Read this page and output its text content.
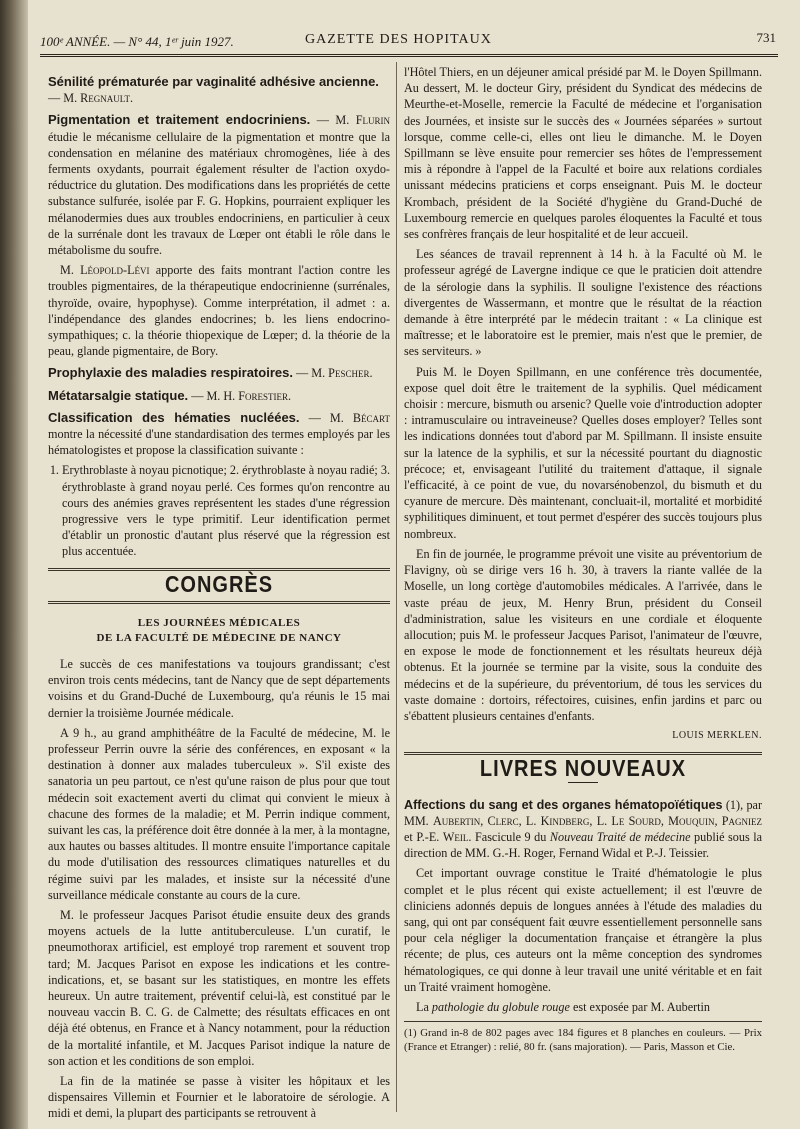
100ᵉ ANNÉE. — N° 44, 1ᵉʳ juin 1927.	GAZETTE DES HOPITAUX	731
Sénilité prématurée par vaginalité adhésive ancienne.
— M. Regnault.

Pigmentation et traitement endocriniens. — M. Flurin étudie le mécanisme cellulaire de la pigmentation et montre que la condensation en mélanine des matériaux chromogènes, liée à des ferments oxydants, pourrait également résulter de l'action oxydo-réductrice du glutation. Des modifications dans les propriétés de cette substance sulfurée, isolée par F. G. Hopkins, pourraient expliquer les mélanodermies dues aux troubles endocriniens, en particulier à ceux de la surrénale dont les travaux de Lœper ont établi le rôle dans le métabolisme du soufre.

M. Léopold-Lévi apporte des faits montrant l'action contre les troubles pigmentaires, de la thérapeutique endocrinienne (surrénales, thyroïde, ovaire, hypophyse). Comme interprétation, il admet : a. l'indépendance des glandes endocrines; b. les liens endocrino-sympathiques; c. la théorie thiopexique de Lœper; d. la théorie de la peau, glande pigmentaire, de Bory.

Prophylaxie des maladies respiratoires. — M. Pescher.
Métatarsalgie statique. — M. H. Forestier.

Classification des hématies nucléées. — M. Bécart montre la nécessité d'une standardisation des termes employés par les hématologistes et propose la classification suivante :

1. Erythroblaste à noyau picnotique; 2. érythroblaste à noyau radié; 3. érythroblaste à grand noyau perlé. Ces formes qu'on rencontre au cours des anémies graves représentent les stades d'une régression progressive vers le type primitif. Leur identification permet d'établir un pronostic d'autant plus réservé que la régression est plus accentuée.
CONGRÈS
LES JOURNÉES MÉDICALES
DE LA FACULTÉ DE MÉDECINE DE NANCY

Le succès de ces manifestations va toujours grandissant; c'est environ trois cents médecins, tant de Nancy que de sept départements voisins et du Grand-Duché de Luxembourg, qu'a réunis le 15 mai dernier la troisième Journée médicale.

A 9 h., au grand amphithéâtre de la Faculté de médecine, M. le professeur Perrin ouvre la série des conférences, en exposant « la destination à donner aux malades tuberculeux ». S'il existe des sanatoria un peu partout, ce n'est qu'une raison de plus pour que tout médecin soit exactement averti du climat qui convient le mieux à chacune des formes de la maladie; et M. Perrin indique comment, suivant les cas, la préférence doit être donnée à la mer, à la montagne, aux hautes ou basses altitudes. Il montre ensuite l'importance capitale du mode d'utilisation des ressources climatiques naturelles et du régime suivi par les malades, et insiste sur la nécessité d'une surveillance médicale constante au cours de la cure.

M. le professeur Jacques Parisot étudie ensuite deux des grands moyens actuels de la lutte antituberculeuse. L'un curatif, le pneumothorax artificiel, est employé trop rarement et souvent trop tard; M. Jacques Parisot en expose les indications et les contre-indications, et, se basant sur les statistiques, en montre les effets heureux. Un autre traitement, préventif celui-là, est constitué par le nouveau vaccin B. C. G. de Calmette; des résultats efficaces en ont déjà été obtenus, en France et à Nancy notamment, pour la réduction de la mortalité infantile, et M. Jacques Parisot indique la nature de son action et les conditions de son emploi.

La fin de la matinée se passe à visiter les hôpitaux et les dispensaires Villemin et Fournier et le laboratoire de sérologie. A midi et demi, la plupart des participants se retrouvent à

l'Hôtel Thiers, en un déjeuner amical présidé par M. le Doyen Spillmann. Au dessert, M. le docteur Giry, président du Syndicat des médecins de Meurthe-et-Moselle, remercie la Faculté de médecine et l'organisation des Journées, et insiste sur le succès des « Journées séparées » surtout lorsque, comme celle-ci, elles ont lieu le dimanche. M. le Doyen Spillmann se lève ensuite pour remercier ses hôtes de l'empressement mis à répondre à l'appel de la Faculté et boire aux relations cordiales unissant médecins praticiens et corps enseignant. Puis M. le docteur Krombach, président de la Société d'hygiène du Grand-Duché de Luxembourg remercie en quelques paroles éloquentes la Faculté et tous ses confrères français de leur hospitalité et de leur accueil.

Les séances de travail reprennent à 14 h. à la Faculté où M. le professeur agrégé de Lavergne indique ce que le praticien doit attendre de la sérologie dans la syphilis. Il souligne l'existence des réactions divergentes de Wassermann, et montre que le résultat de la réaction demande à être interprété par le médecin traitant : « La clinique est maîtresse; et le laboratoire est le premier, mais n'est que le premier, de ses serviteurs. »

Puis M. le Doyen Spillmann, en une conférence très documentée, expose quel doit être le traitement de la syphilis. Quel médicament choisir : mercure, bismuth ou arsenic? Quelle voie d'introduction adopter : intramusculaire ou intraveineuse? Quelles doses employer? Telles sont les indications données tout d'abord par M. Spillmann. Il insiste ensuite sur la latence de la syphilis, et sur la nécessité pourtant du diagnostic précoce; et, envisageant l'utilité du traitement d'attaque, il signale l'efficacité, à ce point de vue, du novarsénobenzol, du bismuth et du cyanure de mercure. Dès maintenant, concluait-il, mortalité et morbidité syphilitiques diminuent, et tout permet d'espérer des succès toujours plus nombreux.

En fin de journée, le programme prévoit une visite au préventorium de Flavigny, où se dirige vers 16 h. 30, à travers la riante vallée de la Moselle, un long cortège d'automobiles médicales. A l'arrivée, dans le vaste préau de jeux, M. Henry Brun, président du Conseil d'administration, salue les visiteurs en une cordiale et éloquente allocution; puis M. le professeur Jacques Parisot, l'animateur de l'œuvre, en expose le mode de fonctionnement et les résultats heureux déjà obtenus. Et la journée se termine par la visite, sous la conduite des médecins et de la supérieure, du préventorium, dé tous les services du vaste domaine : dortoirs, réfectoires, cuisines, enfin jardins et parc ou s'ébattent plusieurs centaines d'enfants.

LOUIS MERKLEN.
LIVRES NOUVEAUX

Affections du sang et des organes hématopoïétiques (1), par MM. Aubertin, Clerc, L. Kindberg, L. Le Sourd, Mouquin, Pagniez et P.-E. Weil. Fascicule 9 du Nouveau Traité de médecine publié sous la direction de MM. G.-H. Roger, Fernand Widal et P.-J. Teissier.

Cet important ouvrage constitue le Traité d'hématologie le plus complet et le plus récent qui existe actuellement; il est l'œuvre de cliniciens adonnés depuis de longues années à l'étude des maladies du sang, qui ont par conséquent fait œuvre essentiellement personnelle sans pour cela négliger la documentation française et étrangère la plus récente; de plus, ces auteurs ont la même conception des syndromes hématologiques, ce qui donne à leur travail une unité véritable et en fait un Traité vraiment homogène.

La pathologie du globule rouge est exposée par M. Aubertin

(1) Grand in-8 de 802 pages avec 184 figures et 8 planches en couleurs. — Prix (France et Etranger) : relié, 80 fr. (sans majoration). — Paris, Masson et Cie.
